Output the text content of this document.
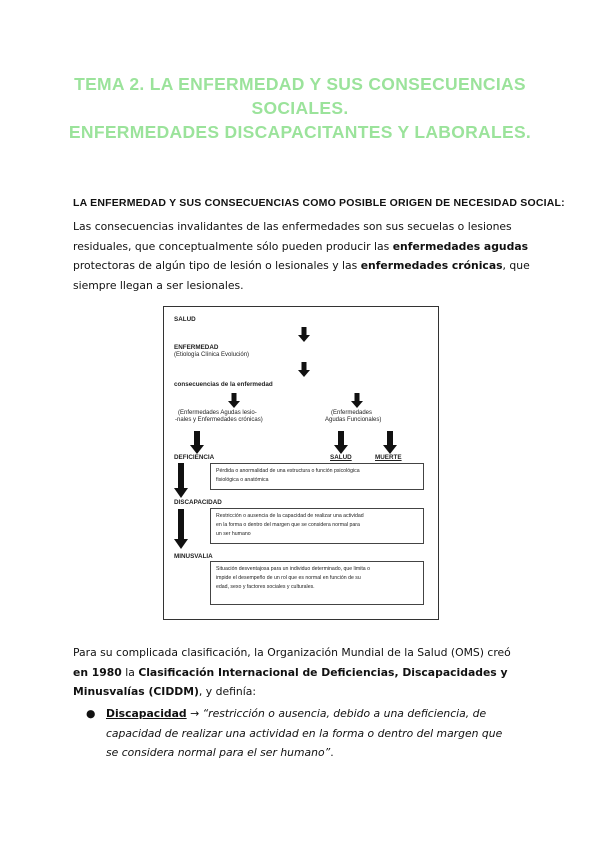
TEMA 2. LA ENFERMEDAD Y SUS CONSECUENCIAS
SOCIALES.
ENFERMEDADES DISCAPACITANTES Y LABORALES.
LA ENFERMEDAD Y SUS CONSECUENCIAS COMO POSIBLE ORIGEN DE NECESIDAD SOCIAL:
Las consecuencias invalidantes de las enfermedades son sus secuelas o lesiones
residuales, que conceptualmente sólo pueden producir las enfermedades agudas
protectoras de algún tipo de lesión o lesionales y las enfermedades crónicas, que
siempre llegan a ser lesionales.
SALUD
ENFERMEDAD
(Etiología Clínica Evolución)
consecuencias de la enfermedad
(Enfermedades Agudas lesio-
-nales y Enfermedades crónicas)
(Enfermedades
Agudas Funcionales)
DEFICIENCIA	SALUD	MUERTE
Pérdida o anormalidad de una estructura o función psicológica
fisiológica o anatómica
DISCAPACIDAD
Restricción o ausencia de la capacidad de realizar una actividad
en la forma o dentro del margen que se considera normal para
un ser humano
MINUSVALIA
Situación desventajosa para un individuo determinado, que limita o
impide el desempeño de un rol que es normal en función de su
edad, sexo y factores sociales y culturales.
Para su complicada clasificación, la Organización Mundial de la Salud (OMS) creó
en 1980 la Clasificación Internacional de Deficiencias, Discapacidades y
Minusvalías (CIDDM), y definía:
● Discapacidad → “restricción o ausencia, debido a una deficiencia, de
capacidad de realizar una actividad en la forma o dentro del margen que
se considera normal para el ser humano”.
